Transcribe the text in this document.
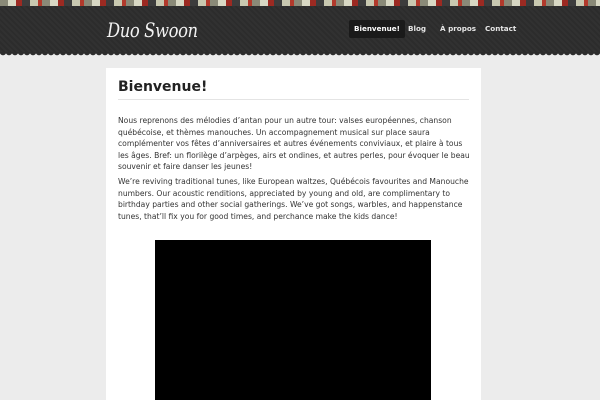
Duo Swoon	Bienvenue!	Blog	À propos	Contact
Bienvenue!

Nous reprenons des mélodies d’antan pour un autre tour: valses européennes, chanson québécoise, et thèmes manouches. Un accompagnement musical sur place saura complémenter vos fêtes d’anniversaires et autres événements conviviaux, et plaire à tous les âges. Bref: un florilège d’arpèges, airs et ondines, et autres perles, pour évoquer le beau souvenir et faire danser les jeunes!

We’re reviving traditional tunes, like European waltzes, Québécois favourites and Manouche numbers. Our acoustic renditions, appreciated by young and old, are complimentary to birthday parties and other social gatherings. We’ve got songs, warbles, and happenstance tunes, that’ll fix you for good times, and perchance make the kids dance!
